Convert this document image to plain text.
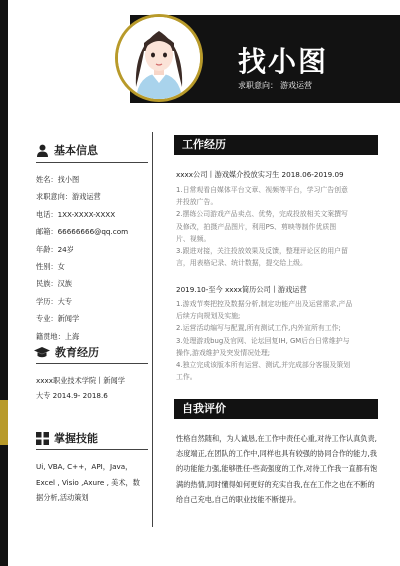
找小图
求职意向： 游戏运营
基本信息
姓名：找小图
求职意向：游戏运营
电话：1XX-XXXX-XXXX
邮箱：66666666@qq.com
年龄：24岁
性别：女
民族：汉族
学历：大专
专业：新闻学
籍贯地：上海
教育经历
xxxx职业技术学院丨新闻学
大专 2014.9- 2018.6
掌握技能
Ui, VBA, C++，API，Java，Excel , Visio ,Axure , 美术，数据分析,活动策划
工作经历
xxxx公司丨游戏媒介投放实习生 2018.06-2019.09
1.日常观看自媒体平台文章、视频等平台，学习广告创意
并投放广告。
2.摆练公司游戏产品卖点、优势，完成投放相关文案撰写
及修改，拍摄产品图片，利用PS、剪映等制作优质图
片、视频。
3.跟进对接，关注投放效果及反馈，整理评论区的用户留
言，用表格记录、统计数据，提交给上级。
2019.10-至今 xxxx简历公司丨游戏运营
1.游戏节奏把控及数据分析,制定功能产出及运营需求,产品
后续方向规划及实施;
2.运营活动编写与配置,所有测试工作,内外宣所有工作;
3.处理游戏bug及官网、论坛回复IH, GM后台日常维护与
操作,游戏维护及突发情况处理;
4.独立完成该版本所有运营、测试,并完成部分客服及策划
工作。
自我评价
性格自然随和，为人诚恳,在工作中责任心重,对待工作认真负责,态度端正,在团队的工作中,同样也具有较强的协同合作的能力,我的功能能力强,能够胜任-些高强度的工作,对待工作我一直都有饱满的热情,同时懂得如何更好的充实自我,在在工作之也在不断的给自己充电,自己的职业技能不断提升。
